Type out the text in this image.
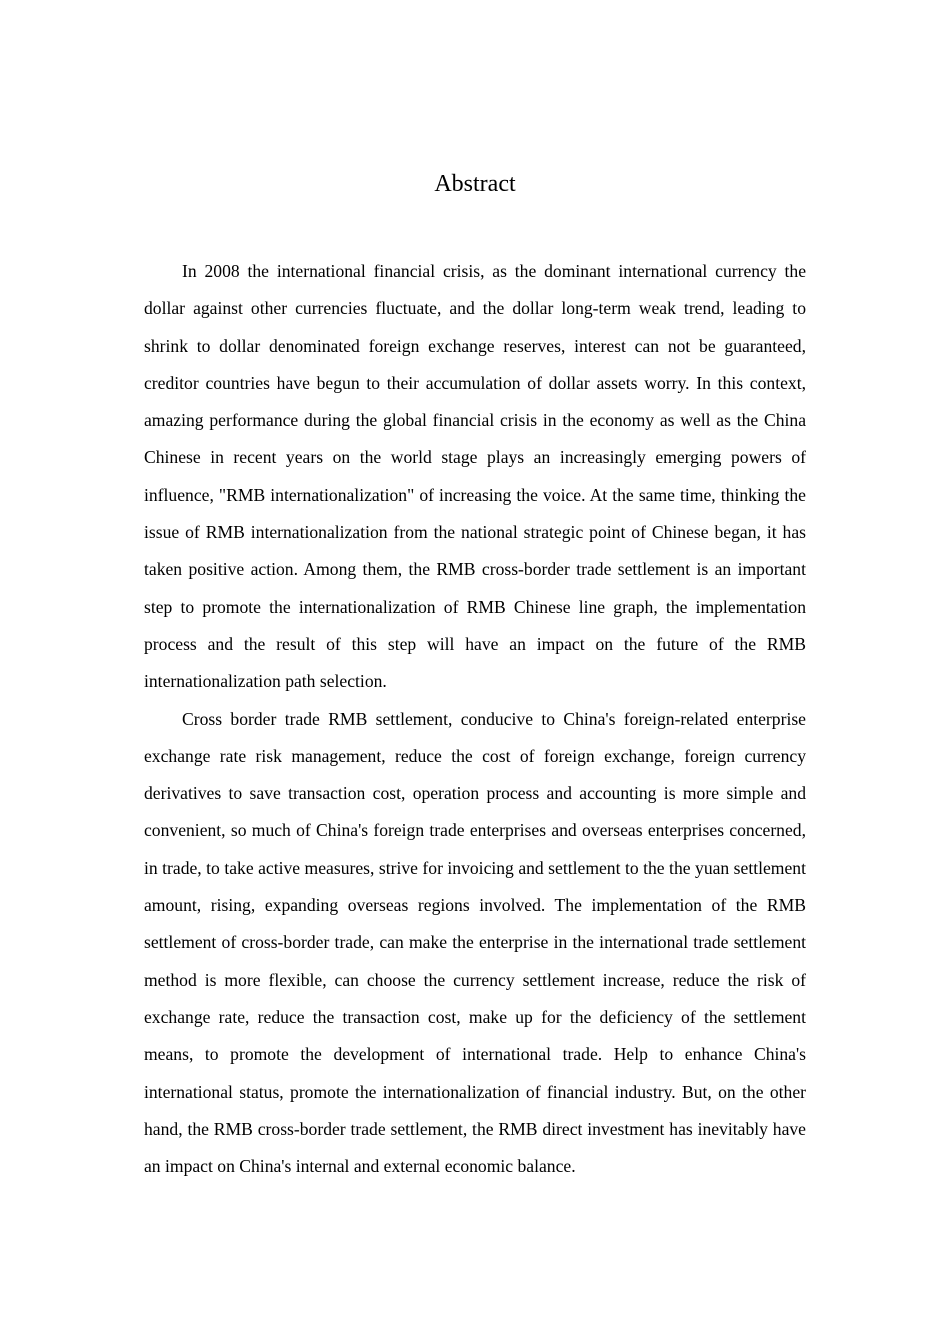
Abstract

In 2008 the international financial crisis, as the dominant international currency the dollar against other currencies fluctuate, and the dollar long-term weak trend, leading to shrink to dollar denominated foreign exchange reserves, interest can not be guaranteed, creditor countries have begun to their accumulation of dollar assets worry. In this context, amazing performance during the global financial crisis in the economy as well as the China Chinese in recent years on the world stage plays an increasingly emerging powers of influence, "RMB internationalization" of increasing the voice. At the same time, thinking the issue of RMB internationalization from the national strategic point of Chinese began, it has taken positive action. Among them, the RMB cross-border trade settlement is an important step to promote the internationalization of RMB Chinese line graph, the implementation process and the result of this step will have an impact on the future of the RMB internationalization path selection.

Cross border trade RMB settlement, conducive to China's foreign-related enterprise exchange rate risk management, reduce the cost of foreign exchange, foreign currency derivatives to save transaction cost, operation process and accounting is more simple and convenient, so much of China's foreign trade enterprises and overseas enterprises concerned, in trade, to take active measures, strive for invoicing and settlement to the the yuan settlement amount, rising, expanding overseas regions involved. The implementation of the RMB settlement of cross-border trade, can make the enterprise in the international trade settlement method is more flexible, can choose the currency settlement increase, reduce the risk of exchange rate, reduce the transaction cost, make up for the deficiency of the settlement means, to promote the development of international trade. Help to enhance China's international status, promote the internationalization of financial industry. But, on the other hand, the RMB cross-border trade settlement, the RMB direct investment has inevitably have an impact on China's internal and external economic balance.
